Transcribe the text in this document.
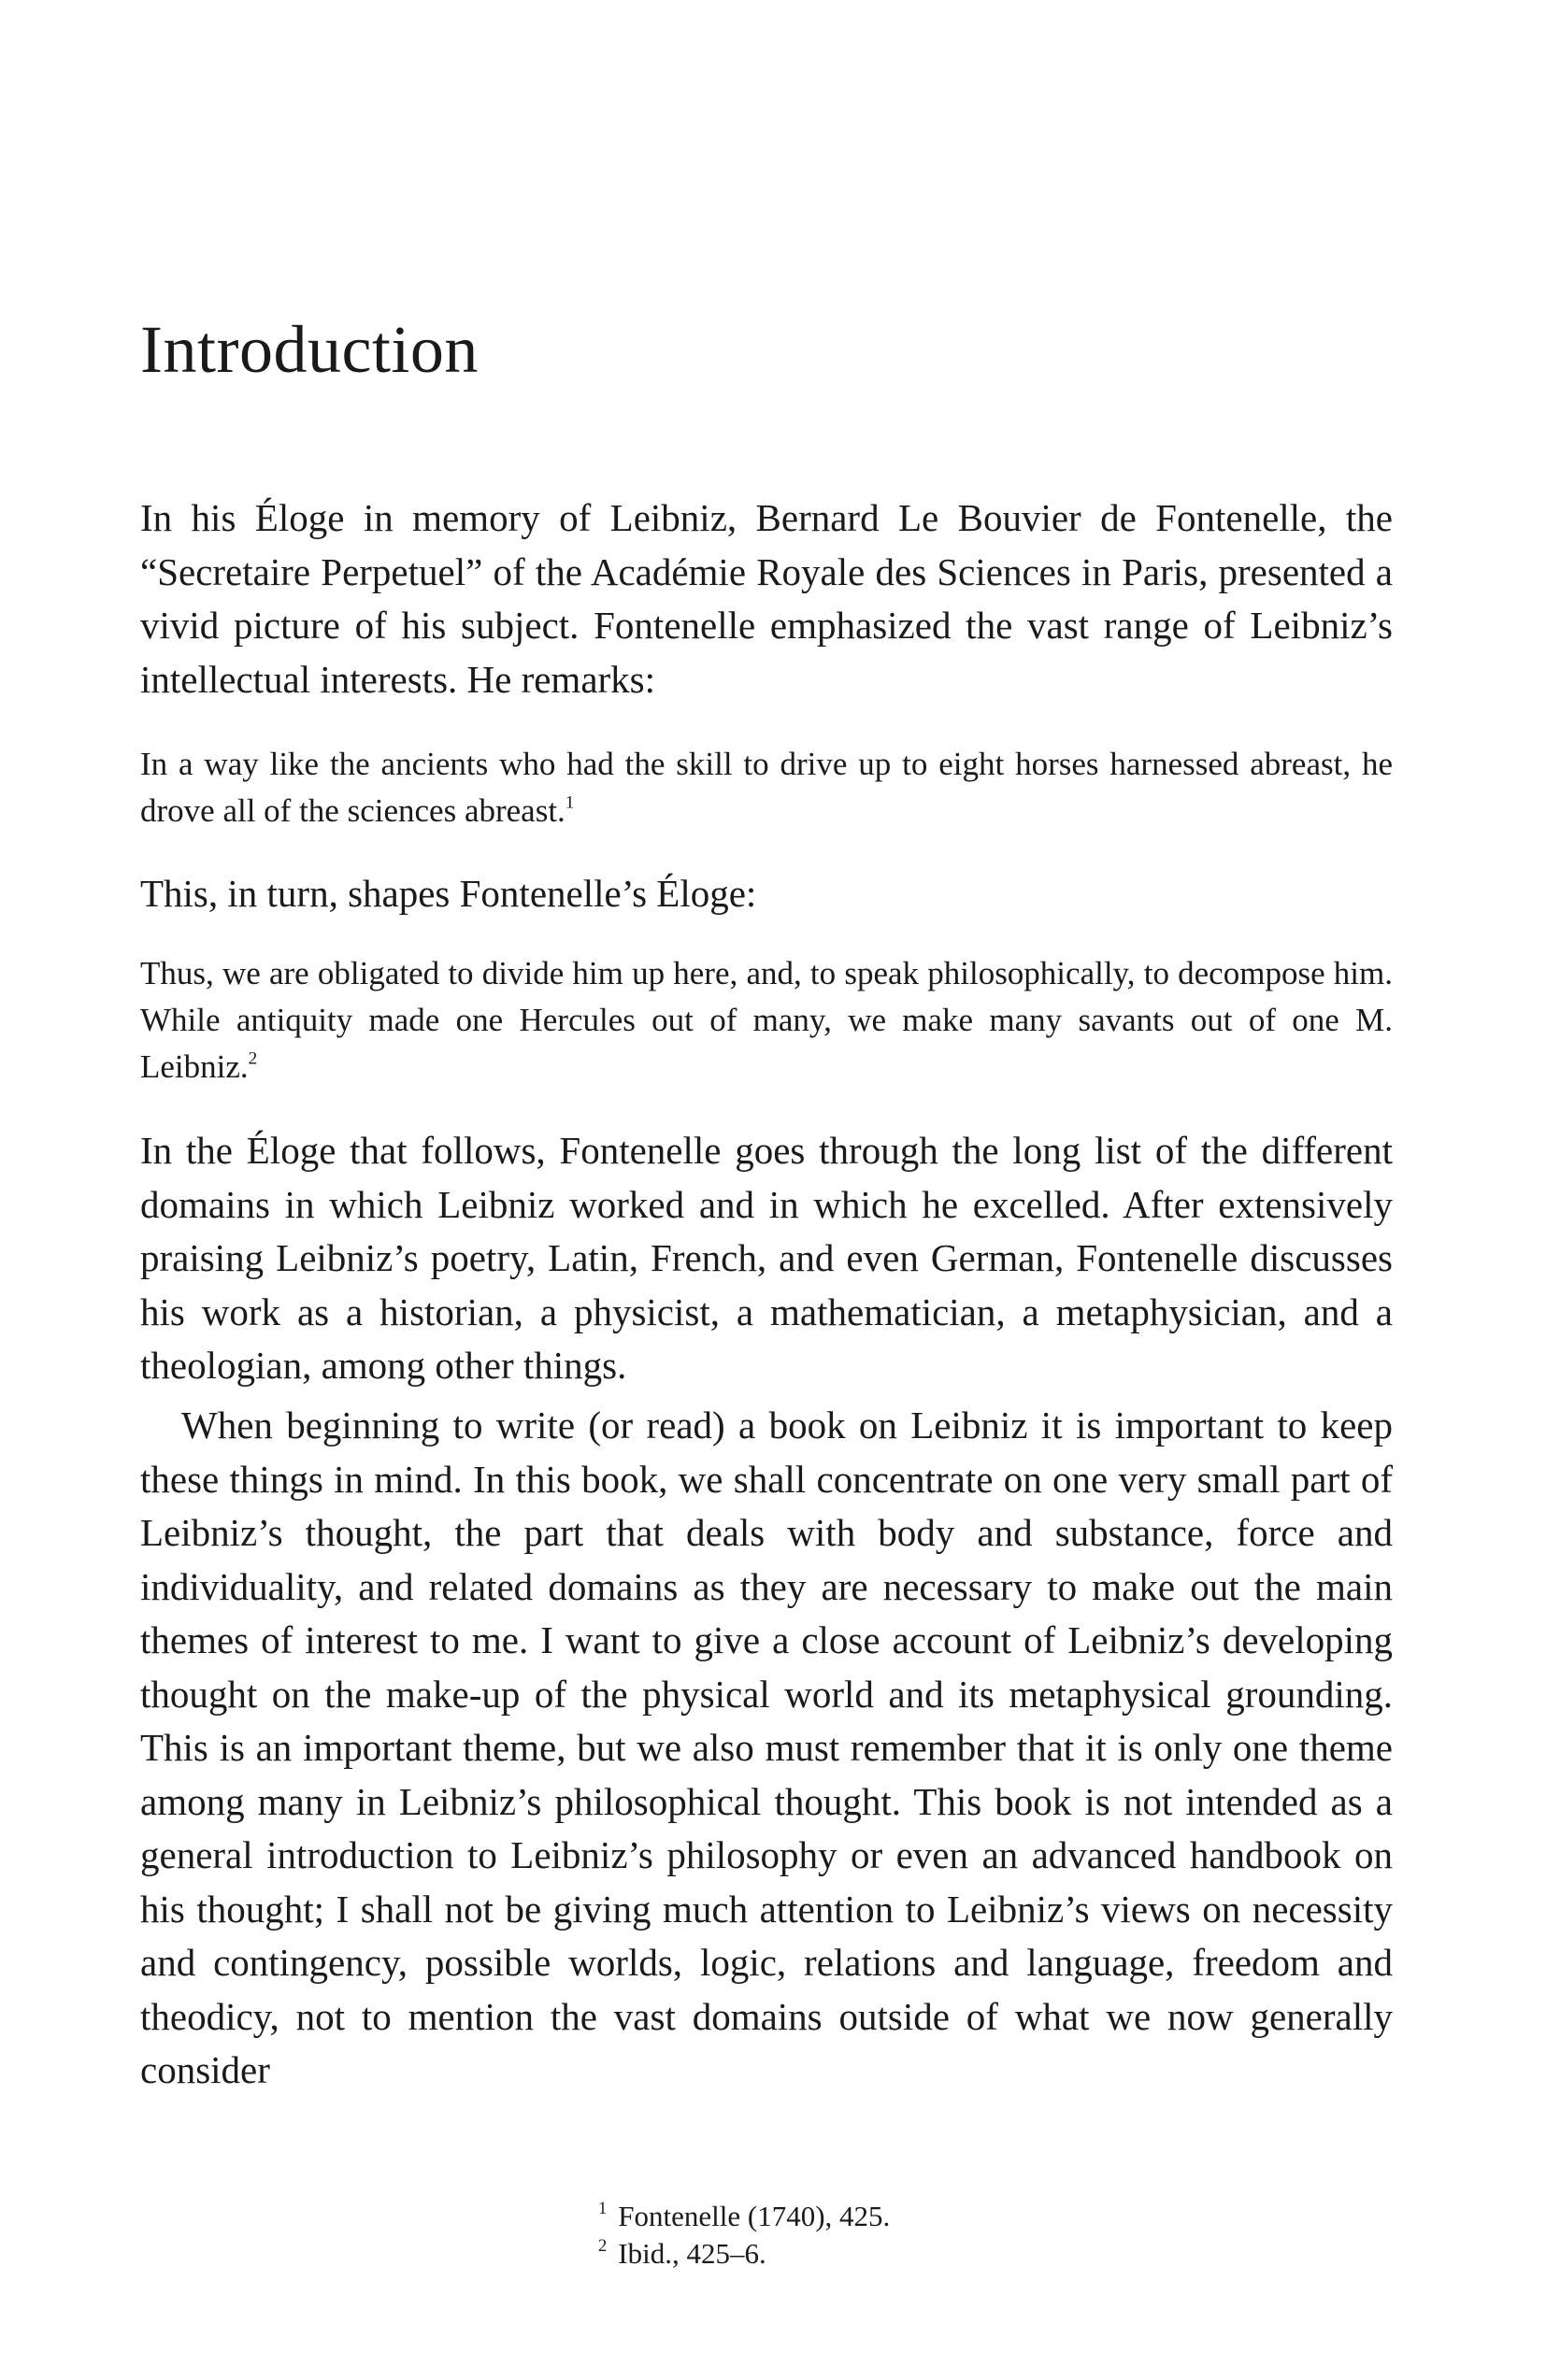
Introduction

In his Éloge in memory of Leibniz, Bernard Le Bouvier de Fontenelle, the “Secretaire Perpetuel” of the Académie Royale des Sciences in Paris, presented a vivid picture of his subject. Fontenelle emphasized the vast range of Leibniz’s intellectual interests. He remarks:

In a way like the ancients who had the skill to drive up to eight horses harnessed abreast, he drove all of the sciences abreast.$^1$

This, in turn, shapes Fontenelle’s Éloge:

Thus, we are obligated to divide him up here, and, to speak philosophically, to decompose him. While antiquity made one Hercules out of many, we make many savants out of one M. Leibniz.$^2$

In the Éloge that follows, Fontenelle goes through the long list of the different domains in which Leibniz worked and in which he excelled. After extensively praising Leibniz’s poetry, Latin, French, and even German, Fontenelle discusses his work as a historian, a physicist, a mathematician, a metaphysician, and a theologian, among other things.

When beginning to write (or read) a book on Leibniz it is important to keep these things in mind. In this book, we shall concentrate on one very small part of Leibniz’s thought, the part that deals with body and substance, force and individuality, and related domains as they are necessary to make out the main themes of interest to me. I want to give a close account of Leibniz’s developing thought on the make-up of the physical world and its metaphysical grounding. This is an important theme, but we also must remember that it is only one theme among many in Leibniz’s philosophical thought. This book is not intended as a general introduction to Leibniz’s philosophy or even an advanced handbook on his thought; I shall not be giving much attention to Leibniz’s views on necessity and contingency, possible worlds, logic, relations and language, freedom and theodicy, not to mention the vast domains outside of what we now generally consider

$^1$ Fontenelle (1740), 425.

$^2$ Ibid., 425–6.
